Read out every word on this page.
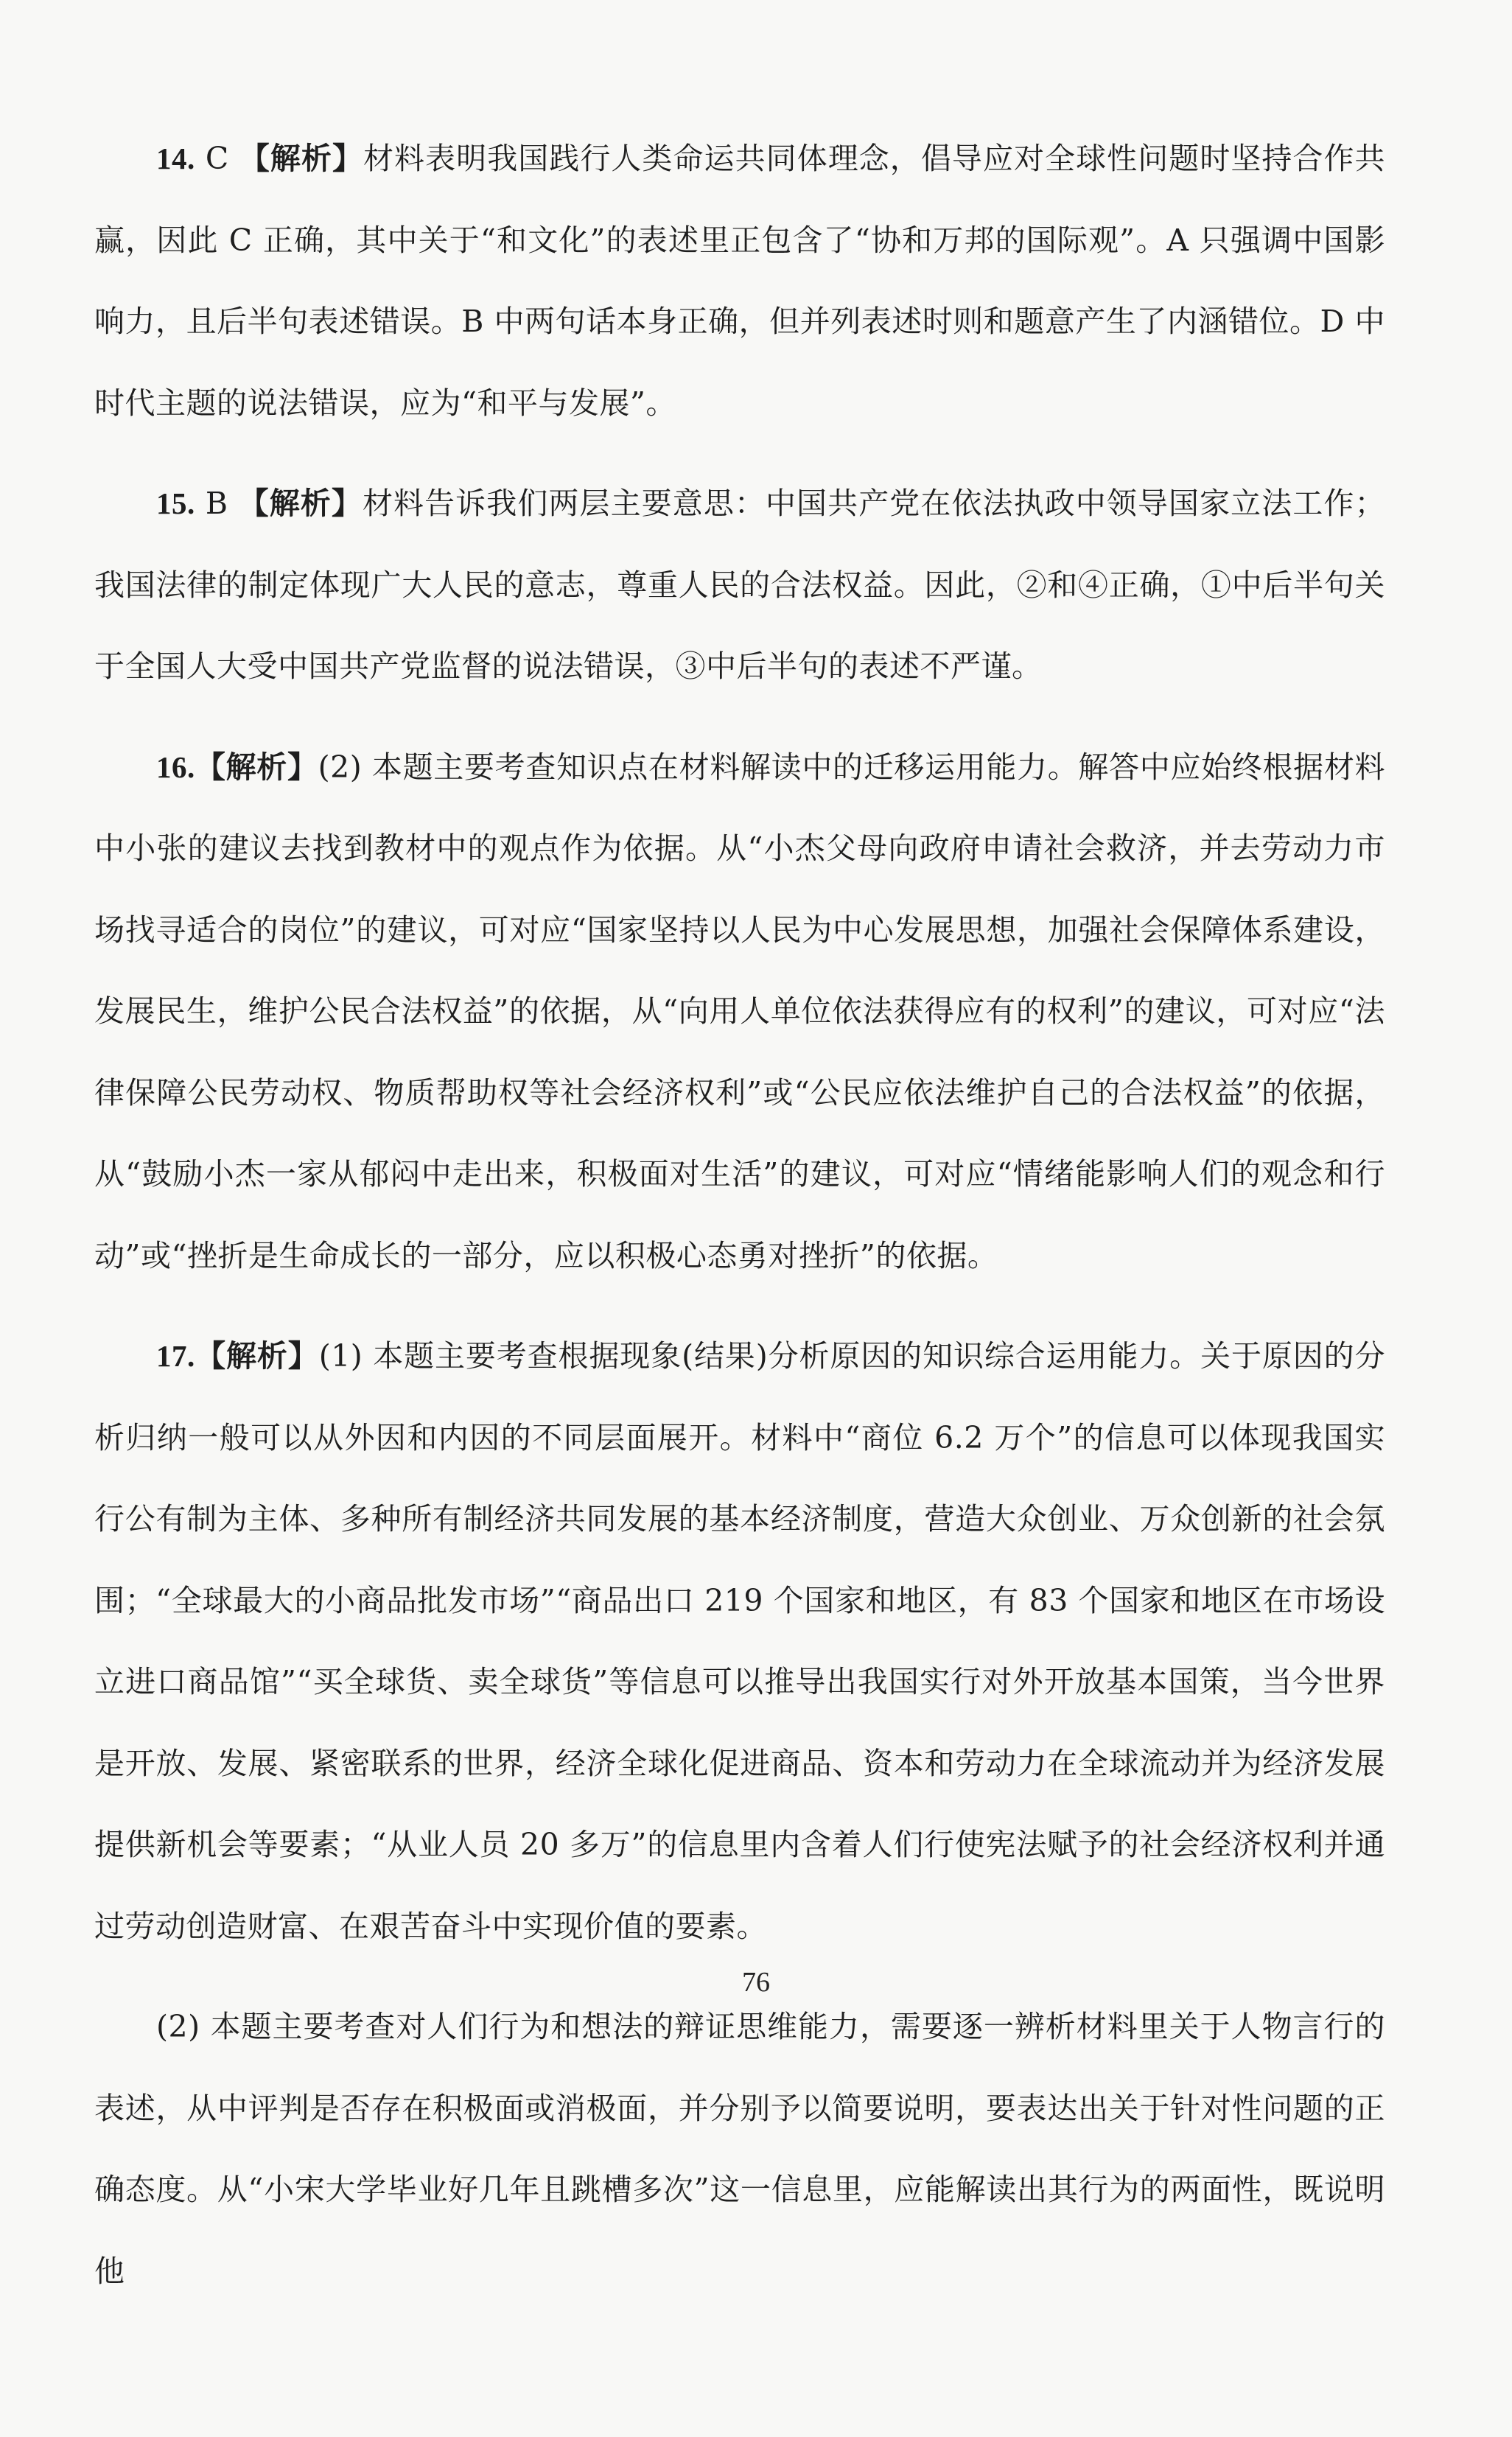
14. C 【解析】材料表明我国践行人类命运共同体理念，倡导应对全球性问题时坚持合作共赢，因此 C 正确，其中关于“和文化”的表述里正包含了“协和万邦的国际观”。A 只强调中国影响力，且后半句表述错误。B 中两句话本身正确，但并列表述时则和题意产生了内涵错位。D 中时代主题的说法错误，应为“和平与发展”。

15. B 【解析】材料告诉我们两层主要意思：中国共产党在依法执政中领导国家立法工作；我国法律的制定体现广大人民的意志，尊重人民的合法权益。因此，②和④正确，①中后半句关于全国人大受中国共产党监督的说法错误，③中后半句的表述不严谨。

16.【解析】(2) 本题主要考查知识点在材料解读中的迁移运用能力。解答中应始终根据材料中小张的建议去找到教材中的观点作为依据。从“小杰父母向政府申请社会救济，并去劳动力市场找寻适合的岗位”的建议，可对应“国家坚持以人民为中心发展思想，加强社会保障体系建设，发展民生，维护公民合法权益”的依据，从“向用人单位依法获得应有的权利”的建议，可对应“法律保障公民劳动权、物质帮助权等社会经济权利”或“公民应依法维护自己的合法权益”的依据，从“鼓励小杰一家从郁闷中走出来，积极面对生活”的建议，可对应“情绪能影响人们的观念和行动”或“挫折是生命成长的一部分，应以积极心态勇对挫折”的依据。

17.【解析】(1) 本题主要考查根据现象(结果)分析原因的知识综合运用能力。关于原因的分析归纳一般可以从外因和内因的不同层面展开。材料中“商位 6.2 万个”的信息可以体现我国实行公有制为主体、多种所有制经济共同发展的基本经济制度，营造大众创业、万众创新的社会氛围；“全球最大的小商品批发市场”“商品出口 219 个国家和地区，有 83 个国家和地区在市场设立进口商品馆”“买全球货、卖全球货”等信息可以推导出我国实行对外开放基本国策，当今世界是开放、发展、紧密联系的世界，经济全球化促进商品、资本和劳动力在全球流动并为经济发展提供新机会等要素；“从业人员 20 多万”的信息里内含着人们行使宪法赋予的社会经济权利并通过劳动创造财富、在艰苦奋斗中实现价值的要素。

(2) 本题主要考查对人们行为和想法的辩证思维能力，需要逐一辨析材料里关于人物言行的表述，从中评判是否存在积极面或消极面，并分别予以简要说明，要表达出关于针对性问题的正确态度。从“小宋大学毕业好几年且跳槽多次”这一信息里，应能解读出其行为的两面性，既说明他

76
